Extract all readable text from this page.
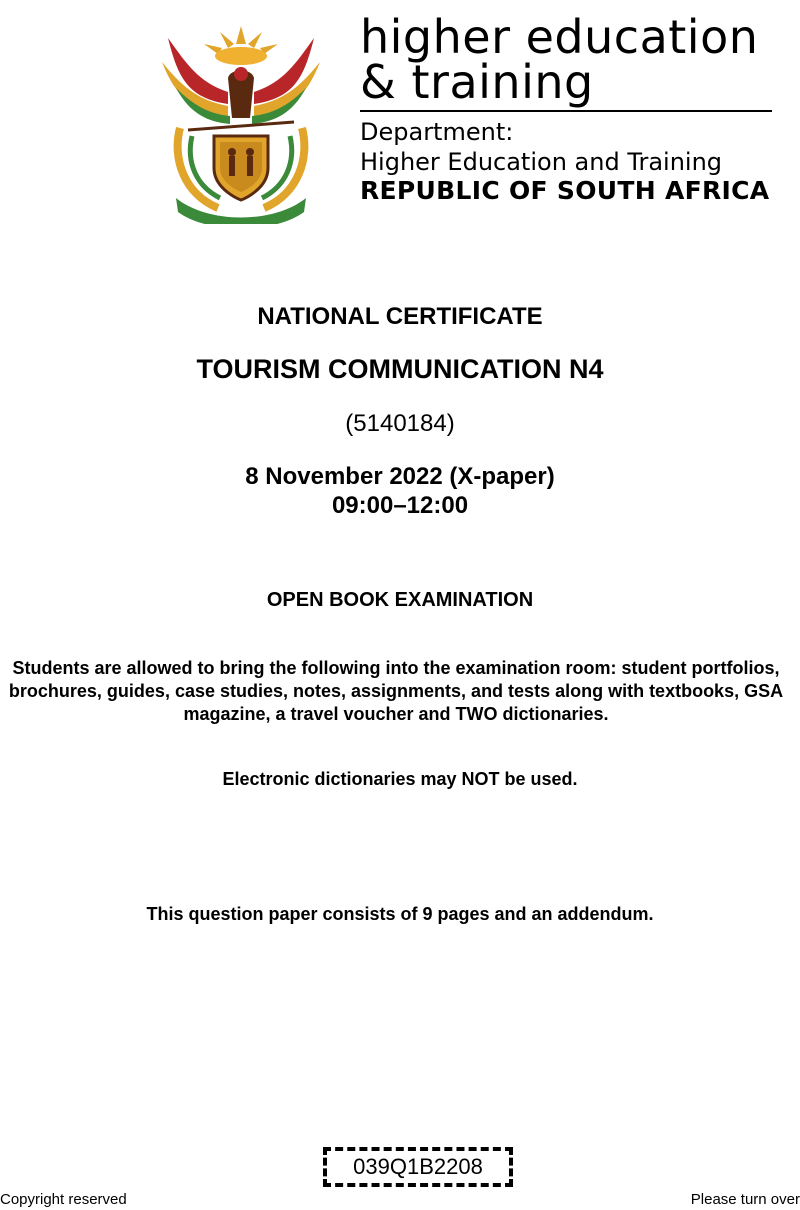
higher education
& training
Department:
Higher Education and Training
REPUBLIC OF SOUTH AFRICA
NATIONAL CERTIFICATE
TOURISM COMMUNICATION N4
(5140184)
8 November 2022 (X-paper)
09:00–12:00
OPEN BOOK EXAMINATION
Students are allowed to bring the following into the examination room: student portfolios, brochures, guides, case studies, notes, assignments, and tests along with textbooks, GSA magazine, a travel voucher and TWO dictionaries.
Electronic dictionaries may NOT be used.
This question paper consists of 9 pages and an addendum.
039Q1B2208
Copyright reserved	Please turn over
